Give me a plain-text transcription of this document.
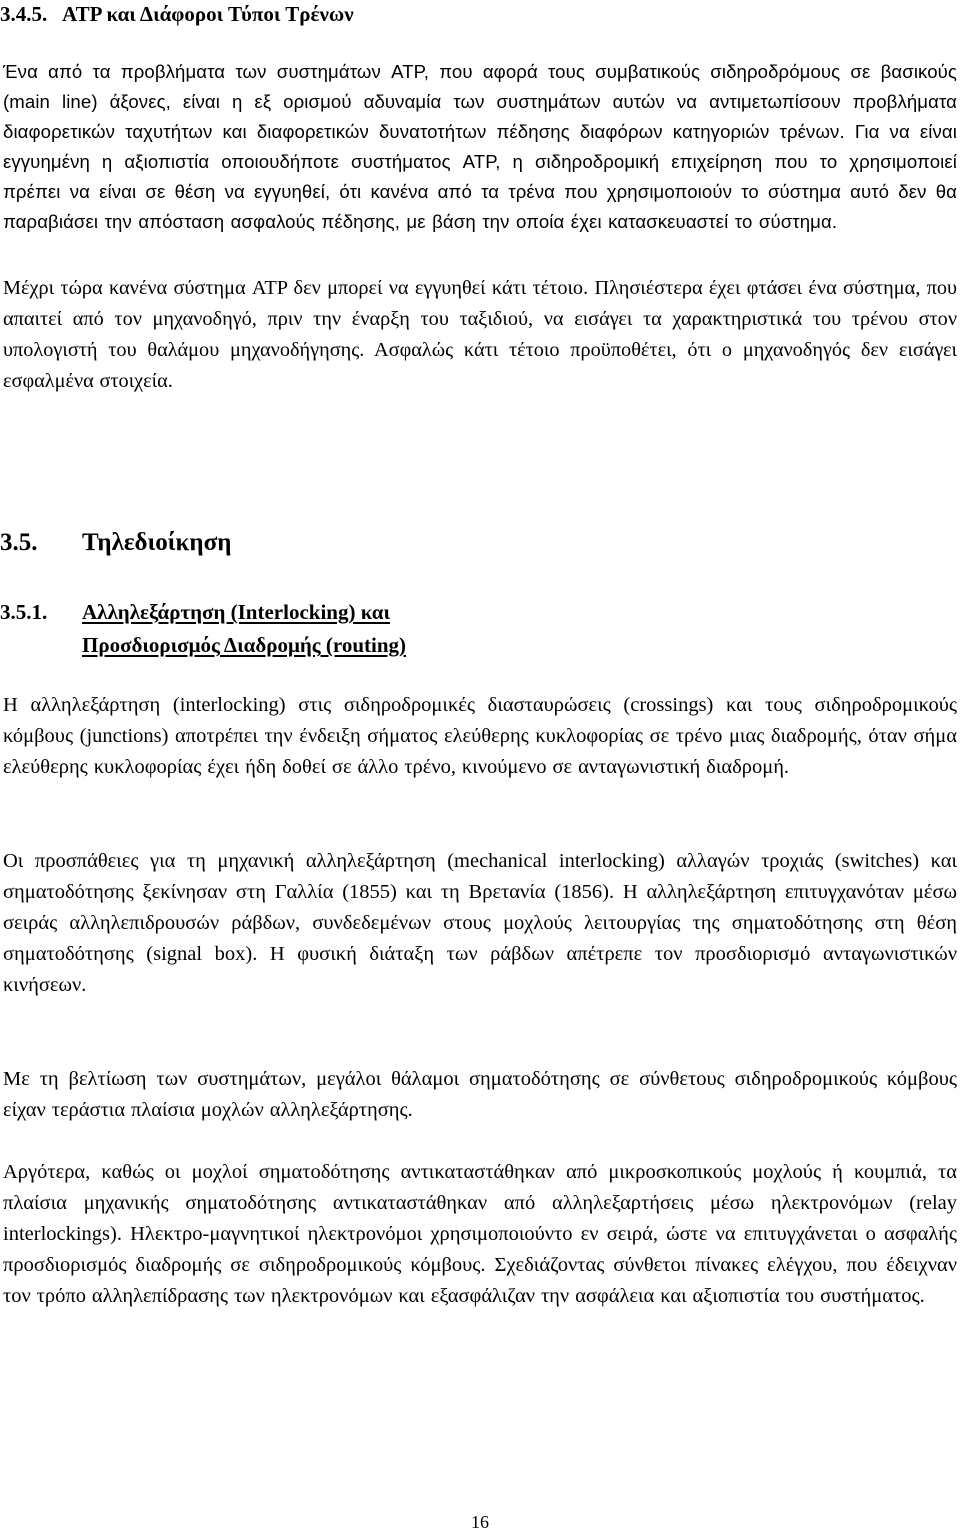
3.4.5. ATP και Διάφοροι Τύποι Τρένων

Ένα από τα προβλήματα των συστημάτων ATP, που αφορά τους συμβατικούς σιδηροδρόμους σε βασικούς (main line) άξονες, είναι η εξ ορισμού αδυναμία των συστημάτων αυτών να αντιμετωπίσουν προβλήματα διαφορετικών ταχυτήτων και διαφορετικών δυνατοτήτων πέδησης διαφόρων κατηγοριών τρένων. Για να είναι εγγυημένη η αξιοπιστία οποιουδήποτε συστήματος ATP, η σιδηροδρομική επιχείρηση που το χρησιμοποιεί πρέπει να είναι σε θέση να εγγυηθεί, ότι κανένα από τα τρένα που χρησιμοποιούν το σύστημα αυτό δεν θα παραβιάσει την απόσταση ασφαλούς πέδησης, με βάση την οποία έχει κατασκευαστεί το σύστημα.

Μέχρι τώρα κανένα σύστημα ATP δεν μπορεί να εγγυηθεί κάτι τέτοιο. Πλησιέστερα έχει φτάσει ένα σύστημα, που απαιτεί από τον μηχανοδηγό, πριν την έναρξη του ταξιδιού, να εισάγει τα χαρακτηριστικά του τρένου στον υπολογιστή του θαλάμου μηχανοδήγησης. Ασφαλώς κάτι τέτοιο προϋποθέτει, ότι ο μηχανοδηγός δεν εισάγει εσφαλμένα στοιχεία.

3.5. Τηλεδιοίκηση
3.5.1. Αλληλεξάρτηση (Interlocking) και
Προσδιορισμός Διαδρομής (routing)

Η αλληλεξάρτηση (interlocking) στις σιδηροδρομικές διασταυρώσεις (crossings) και τους σιδηροδρομικούς κόμβους (junctions) αποτρέπει την ένδειξη σήματος ελεύθερης κυκλοφορίας σε τρένο μιας διαδρομής, όταν σήμα ελεύθερης κυκλοφορίας έχει ήδη δοθεί σε άλλο τρένο, κινούμενο σε ανταγωνιστική διαδρομή.

Οι προσπάθειες για τη μηχανική αλληλεξάρτηση (mechanical interlocking) αλλαγών τροχιάς (switches) και σηματοδότησης ξεκίνησαν στη Γαλλία (1855) και τη Βρετανία (1856). Η αλληλεξάρτηση επιτυγχανόταν μέσω σειράς αλληλεπιδρουσών ράβδων, συνδεδεμένων στους μοχλούς λειτουργίας της σηματοδότησης στη θέση σηματοδότησης (signal box). Η φυσική διάταξη των ράβδων απέτρεπε τον προσδιορισμό ανταγωνιστικών κινήσεων.

Με τη βελτίωση των συστημάτων, μεγάλοι θάλαμοι σηματοδότησης σε σύνθετους σιδηροδρομικούς κόμβους είχαν τεράστια πλαίσια μοχλών αλληλεξάρτησης.

Αργότερα, καθώς οι μοχλοί σηματοδότησης αντικαταστάθηκαν από μικροσκοπικούς μοχλούς ή κουμπιά, τα πλαίσια μηχανικής σηματοδότησης αντικαταστάθηκαν από αλληλεξαρτήσεις μέσω ηλεκτρονόμων (relay interlockings). Ηλεκτρο-μαγνητικοί ηλεκτρονόμοι χρησιμοποιούντο εν σειρά, ώστε να επιτυγχάνεται ο ασφαλής προσδιορισμός διαδρομής σε σιδηροδρομικούς κόμβους. Σχεδιάζοντας σύνθετοι πίνακες ελέγχου, που έδειχναν τον τρόπο αλληλεπίδρασης των ηλεκτρονόμων και εξασφάλιζαν την ασφάλεια και αξιοπιστία του συστήματος.

16
